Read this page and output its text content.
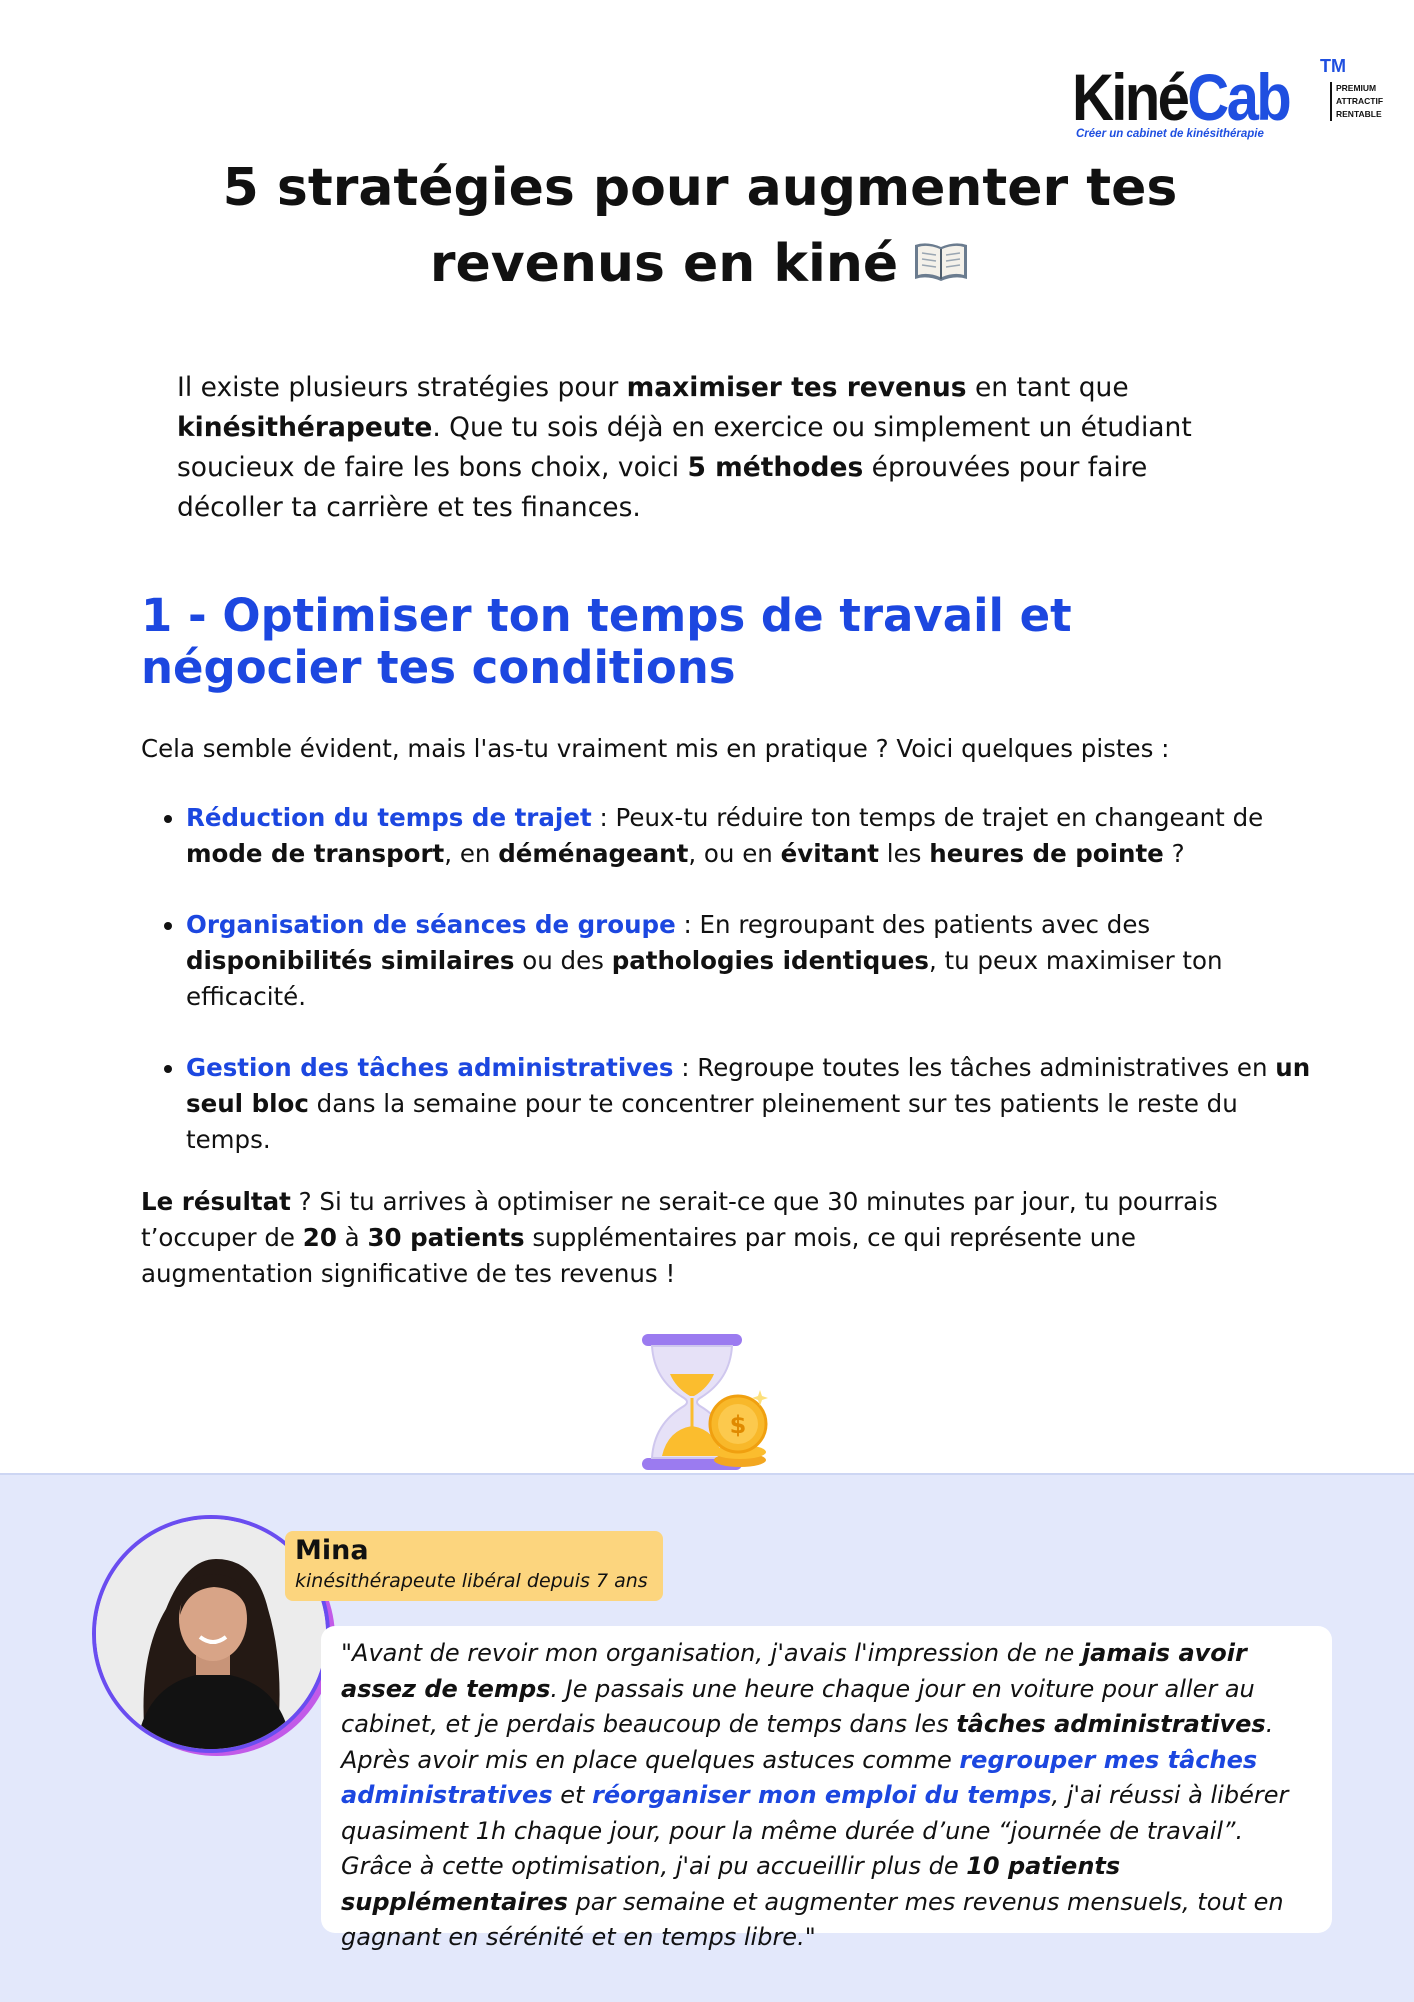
KinéCab TM
PREMIUM
ATTRACTIF
RENTABLE
Créer un cabinet de kinésithérapie
5 stratégies pour augmenter tes
revenus en kiné

Il existe plusieurs stratégies pour maximiser tes revenus en tant que kinésithérapeute. Que tu sois déjà en exercice ou simplement un étudiant soucieux de faire les bons choix, voici 5 méthodes éprouvées pour faire décoller ta carrière et tes finances.

1 - Optimiser ton temps de travail et négocier tes conditions

Cela semble évident, mais l'as-tu vraiment mis en pratique ? Voici quelques pistes :

• Réduction du temps de trajet : Peux-tu réduire ton temps de trajet en changeant de mode de transport, en déménageant, ou en évitant les heures de pointe ?
• Organisation de séances de groupe : En regroupant des patients avec des disponibilités similaires ou des pathologies identiques, tu peux maximiser ton efficacité.
• Gestion des tâches administratives : Regroupe toutes les tâches administratives en un seul bloc dans la semaine pour te concentrer pleinement sur tes patients le reste du temps.

Le résultat ? Si tu arrives à optimiser ne serait-ce que 30 minutes par jour, tu pourrais t’occuper de 20 à 30 patients supplémentaires par mois, ce qui représente une augmentation significative de tes revenus !

$
Mina
kinésithérapeute libéral depuis 7 ans

"Avant de revoir mon organisation, j'avais l'impression de ne jamais avoir assez de temps. Je passais une heure chaque jour en voiture pour aller au cabinet, et je perdais beaucoup de temps dans les tâches administratives. Après avoir mis en place quelques astuces comme regrouper mes tâches administratives et réorganiser mon emploi du temps, j'ai réussi à libérer quasiment 1h chaque jour, pour la même durée d’une “journée de travail”. Grâce à cette optimisation, j'ai pu accueillir plus de 10 patients supplémentaires par semaine et augmenter mes revenus mensuels, tout en gagnant en sérénité et en temps libre."
